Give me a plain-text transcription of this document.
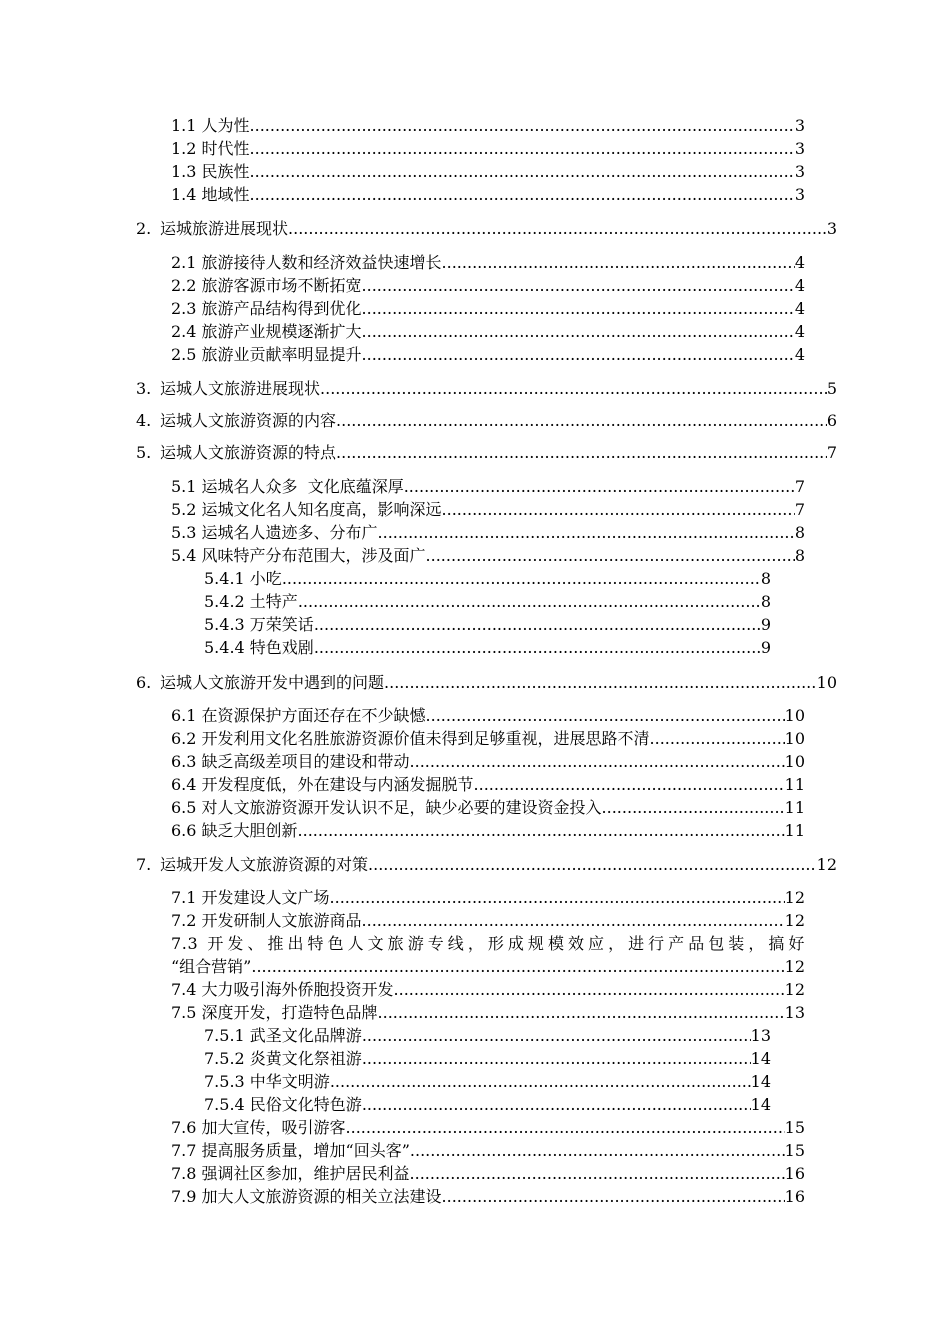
1.1 人为性 .....	3
1.2 时代性 .....	3
1.3 民族性 .....	3
1.4 地域性 .....	3
2. 运城旅游进展现状 .....	3
2.1 旅游接待人数和经济效益快速增长 .....	4
2.2 旅游客源市场不断拓宽 .....	4
2.3 旅游产品结构得到优化 .....	4
2.4 旅游产业规模逐渐扩大 .....	4
2.5 旅游业贡献率明显提升 .....	4
3. 运城人文旅游进展现状 .....	5
4. 运城人文旅游资源的内容 .....	6
5. 运城人文旅游资源的特点 .....	7
5.1 运城名人众多  文化底蕴深厚 .....	7
5.2 运城文化名人知名度高，影响深远 .....	7
5.3 运城名人遗迹多、分布广 .....	8
5.4 风味特产分布范围大，涉及面广 .....	8
5.4.1 小吃 .....	8
5.4.2 土特产 .....	8
5.4.3 万荣笑话 .....	9
5.4.4 特色戏剧 .....	9
6. 运城人文旅游开发中遇到的问题 .....	10
6.1 在资源保护方面还存在不少缺憾 .....	10
6.2 开发利用文化名胜旅游资源价值未得到足够重视，进展思路不清 .....	10
6.3 缺乏高级差项目的建设和带动 .....	10
6.4 开发程度低，外在建设与内涵发掘脱节 .....	11
6.5 对人文旅游资源开发认识不足，缺少必要的建设资金投入 .....	11
6.6 缺乏大胆创新 .....	11
7. 运城开发人文旅游资源的对策 .....	12
7.1 开发建设人文广场 .....	12
7.2 开发研制人文旅游商品 .....	12
7.3 开发、推出特色人文旅游专线，形成规模效应，进行产品包装，搞好
“组合营销” .....	12
7.4 大力吸引海外侨胞投资开发 .....	12
7.5 深度开发，打造特色品牌 .....	13
7.5.1 武圣文化品牌游 .....	13
7.5.2 炎黄文化祭祖游 .....	14
7.5.3 中华文明游 .....	14
7.5.4 民俗文化特色游 .....	14
7.6 加大宣传，吸引游客 .....	15
7.7 提高服务质量，增加“回头客” .....	15
7.8 强调社区参加，维护居民利益 .....	16
7.9 加大人文旅游资源的相关立法建设 .....	16
